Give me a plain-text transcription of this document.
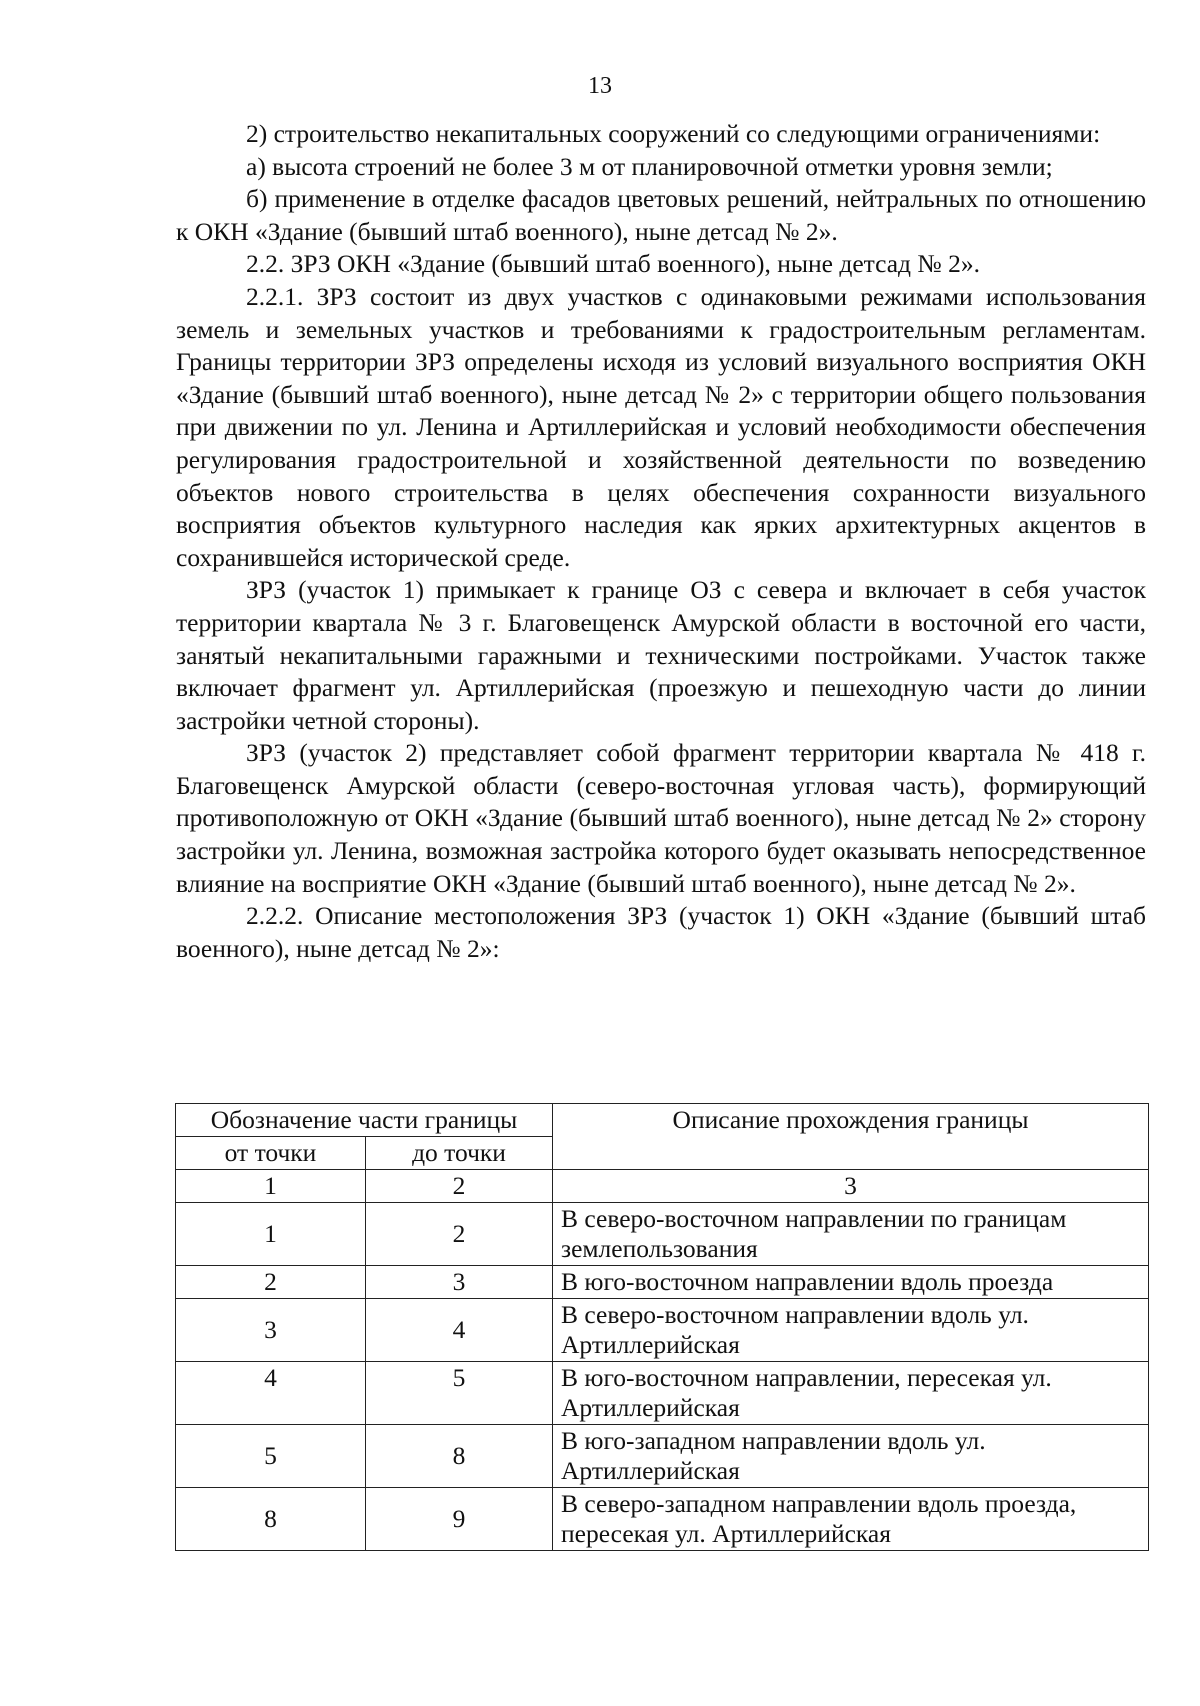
13

2) строительство некапитальных сооружений со следующими ограничениями:

а) высота строений не более 3 м от планировочной отметки уровня земли;

б) применение в отделке фасадов цветовых решений, нейтральных по отношению к ОКН «Здание (бывший штаб военного), ныне детсад № 2».

2.2. ЗРЗ ОКН «Здание (бывший штаб военного), ныне детсад № 2».

2.2.1. ЗРЗ состоит из двух участков с одинаковыми режимами использования земель и земельных участков и требованиями к градостроительным регламентам. Границы территории ЗРЗ определены исходя из условий визуального восприятия ОКН «Здание (бывший штаб военного), ныне детсад № 2» с территории общего пользования при движении по ул. Ленина и Артиллерийская и условий необходимости обеспечения регулирования градостроительной и хозяйственной деятельности по возведению объектов нового строительства в целях обеспечения сохранности визуального восприятия объектов культурного наследия как ярких архитектурных акцентов в сохранившейся исторической среде.

ЗРЗ (участок 1) примыкает к границе ОЗ с севера и включает в себя участок территории квартала № 3 г. Благовещенск Амурской области в восточной его части, занятый некапитальными гаражными и техническими постройками. Участок также включает фрагмент ул. Артиллерийская (проезжую и пешеходную части до линии застройки четной стороны).

ЗРЗ (участок 2) представляет собой фрагмент территории квартала № 418 г. Благовещенск Амурской области (северо-восточная угловая часть), формирующий противоположную от ОКН «Здание (бывший штаб военного), ныне детсад № 2» сторону застройки ул. Ленина, возможная застройка которого будет оказывать непосредственное влияние на восприятие ОКН «Здание (бывший штаб военного), ныне детсад № 2».

2.2.2. Описание местоположения ЗРЗ (участок 1) ОКН «Здание (бывший штаб военного), ныне детсад № 2»:

Обозначение части границы		Описание прохождения границы
от точки	до точки	
1	2	3
1	2	В северо-восточном направлении по границам землепользования
2	3	В юго-восточном направлении вдоль проезда
3	4	В северо-восточном направлении вдоль ул. Артиллерийская
4	5	В юго-восточном направлении, пересекая ул. Артиллерийская
5	8	В юго-западном направлении вдоль ул. Артиллерийская
8	9	В северо-западном направлении вдоль проезда, пересекая ул. Артиллерийская
